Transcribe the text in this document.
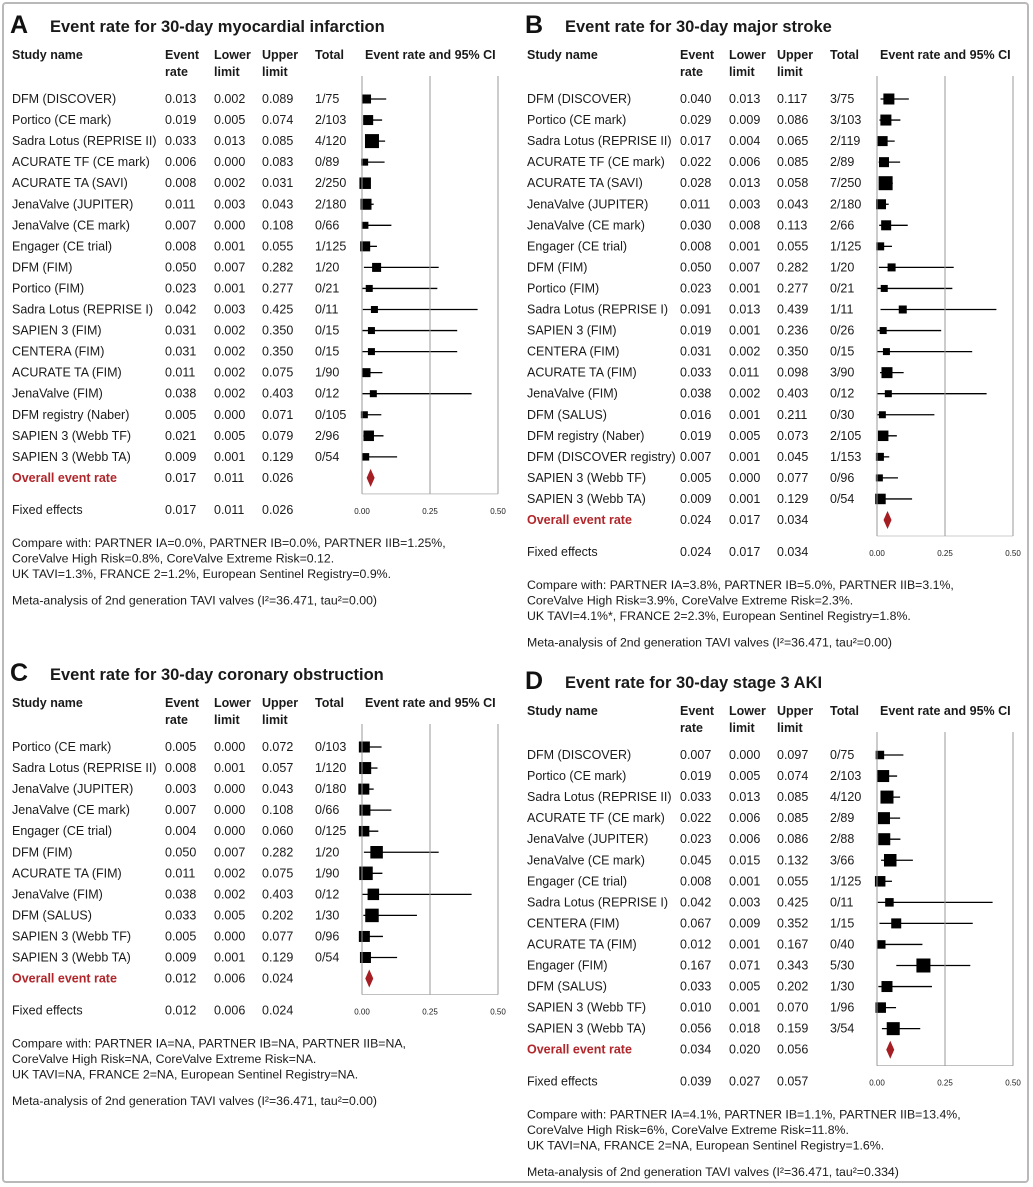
A Event rate for 30-day myocardial infarction
Study name	Event
rate
Lower
limit
Upper
limit
Total Event rate and 95% CI
DFM (DISCOVER)	0.013 0.002 0.089 1/75
Portico (CE mark)	0.019 0.005 0.074 2/103
Sadra Lotus (REPRISE II) 0.033 0.013 0.085 4/120
ACURATE TF (CE mark) 0.006 0.000 0.083 0/89
ACURATE TA (SAVI)	0.008 0.002 0.031 2/250
JenaValve (JUPITER)	0.011 0.003 0.043 2/180
JenaValve (CE mark)	0.007 0.000 0.108 0/66
Engager (CE trial)	0.008 0.001 0.055 1/125
DFM (FIM)	0.050 0.007 0.282 1/20
Portico (FIM)	0.023 0.001 0.277 0/21
Sadra Lotus (REPRISE I) 0.042 0.003 0.425 0/11
SAPIEN 3 (FIM)	0.031 0.002 0.350 0/15
CENTERA (FIM)	0.031 0.002 0.350 0/15
ACURATE TA (FIM)	0.011 0.002 0.075 1/90
JenaValve (FIM)	0.038 0.002 0.403 0/12
DFM registry (Naber)	0.005 0.000 0.071 0/105
SAPIEN 3 (Webb TF)	0.021 0.005 0.079 2/96
SAPIEN 3 (Webb TA)	0.009 0.001 0.129 0/54
Overall event rate	0.017 0.011 0.026
Fixed effects	0.017 0.011 0.026	0.00	0.25	0.50
Compare with: PARTNER IA=0.0%, PARTNER IB=0.0%, PARTNER IIB=1.25%,
CoreValve High Risk=0.8%, CoreValve Extreme Risk=0.12.
UK TAVI=1.3%, FRANCE 2=1.2%, European Sentinel Registry=0.9%.
Meta-analysis of 2nd generation TAVI valves (I²=36.471, tau²=0.00)
B Event rate for 30-day major stroke
Study name	Event
rate
Lower
limit
Upper
limit
Total Event rate and 95% CI
DFM (DISCOVER)	0.040 0.013 0.117 3/75
Portico (CE mark)	0.029 0.009 0.086 3/103
Sadra Lotus (REPRISE II) 0.017 0.004 0.065 2/119
ACURATE TF (CE mark) 0.022 0.006 0.085 2/89
ACURATE TA (SAVI)	0.028 0.013 0.058 7/250
JenaValve (JUPITER)	0.011 0.003 0.043 2/180
JenaValve (CE mark)	0.030 0.008 0.113 2/66
Engager (CE trial)	0.008 0.001 0.055 1/125
DFM (FIM)	0.050 0.007 0.282 1/20
Portico (FIM)	0.023 0.001 0.277 0/21
Sadra Lotus (REPRISE I) 0.091 0.013 0.439 1/11
SAPIEN 3 (FIM)	0.019 0.001 0.236 0/26
CENTERA (FIM)	0.031 0.002 0.350 0/15
ACURATE TA (FIM)	0.033 0.011 0.098 3/90
JenaValve (FIM)	0.038 0.002 0.403 0/12
DFM (SALUS)	0.016 0.001 0.211 0/30
DFM registry (Naber)	0.019 0.005 0.073 2/105
DFM (DISCOVER registry) 0.007 0.001 0.045 1/153
SAPIEN 3 (Webb TF)	0.005 0.000 0.077 0/96
SAPIEN 3 (Webb TA)	0.009 0.001 0.129 0/54
Overall event rate	0.024 0.017 0.034
Fixed effects	0.024 0.017 0.034	0.00	0.25	0.50
Compare with: PARTNER IA=3.8%, PARTNER IB=5.0%, PARTNER IIB=3.1%,
CoreValve High Risk=3.9%, CoreValve Extreme Risk=2.3%.
UK TAVI=4.1%*, FRANCE 2=2.3%, European Sentinel Registry=1.8%.
Meta-analysis of 2nd generation TAVI valves (I²=36.471, tau²=0.00)
C Event rate for 30-day coronary obstruction
Study name	Event
rate
Lower
limit
Upper
limit
Total Event rate and 95% CI
Portico (CE mark)	0.005 0.000 0.072 0/103
Sadra Lotus (REPRISE II) 0.008 0.001 0.057 1/120
JenaValve (JUPITER)	0.003 0.000 0.043 0/180
JenaValve (CE mark)	0.007 0.000 0.108 0/66
Engager (CE trial)	0.004 0.000 0.060 0/125
DFM (FIM)	0.050 0.007 0.282 1/20
ACURATE TA (FIM)	0.011 0.002 0.075 1/90
JenaValve (FIM)	0.038 0.002 0.403 0/12
DFM (SALUS)	0.033 0.005 0.202 1/30
SAPIEN 3 (Webb TF)	0.005 0.000 0.077 0/96
SAPIEN 3 (Webb TA)	0.009 0.001 0.129 0/54
Overall event rate	0.012 0.006 0.024
Fixed effects	0.012 0.006 0.024	0.00	0.25	0.50
Compare with: PARTNER IA=NA, PARTNER IB=NA, PARTNER IIB=NA,
CoreValve High Risk=NA, CoreValve Extreme Risk=NA.
UK TAVI=NA, FRANCE 2=NA, European Sentinel Registry=NA.
Meta-analysis of 2nd generation TAVI valves (I²=36.471, tau²=0.00)
D Event rate for 30-day stage 3 AKI
Study name	Event
rate
Lower
limit
Upper
limit
Total Event rate and 95% CI
DFM (DISCOVER)	0.007 0.000 0.097 0/75
Portico (CE mark)	0.019 0.005 0.074 2/103
Sadra Lotus (REPRISE II) 0.033 0.013 0.085 4/120
ACURATE TF (CE mark) 0.022 0.006 0.085 2/89
JenaValve (JUPITER)	0.023 0.006 0.086 2/88
JenaValve (CE mark)	0.045 0.015 0.132 3/66
Engager (CE trial)	0.008 0.001 0.055 1/125
Sadra Lotus (REPRISE I) 0.042 0.003 0.425 0/11
CENTERA (FIM)	0.067 0.009 0.352 1/15
ACURATE TA (FIM)	0.012 0.001 0.167 0/40
Engager (FIM)	0.167 0.071 0.343 5/30
DFM (SALUS)	0.033 0.005 0.202 1/30
SAPIEN 3 (Webb TF)	0.010 0.001 0.070 1/96
SAPIEN 3 (Webb TA)	0.056 0.018 0.159 3/54
Overall event rate	0.034 0.020 0.056
Fixed effects	0.039 0.027 0.057	0.00	0.25	0.50
Compare with: PARTNER IA=4.1%, PARTNER IB=1.1%, PARTNER IIB=13.4%,
CoreValve High Risk=6%, CoreValve Extreme Risk=11.8%.
UK TAVI=NA, FRANCE 2=NA, European Sentinel Registry=1.6%.
Meta-analysis of 2nd generation TAVI valves (I²=36.471, tau²=0.334)
